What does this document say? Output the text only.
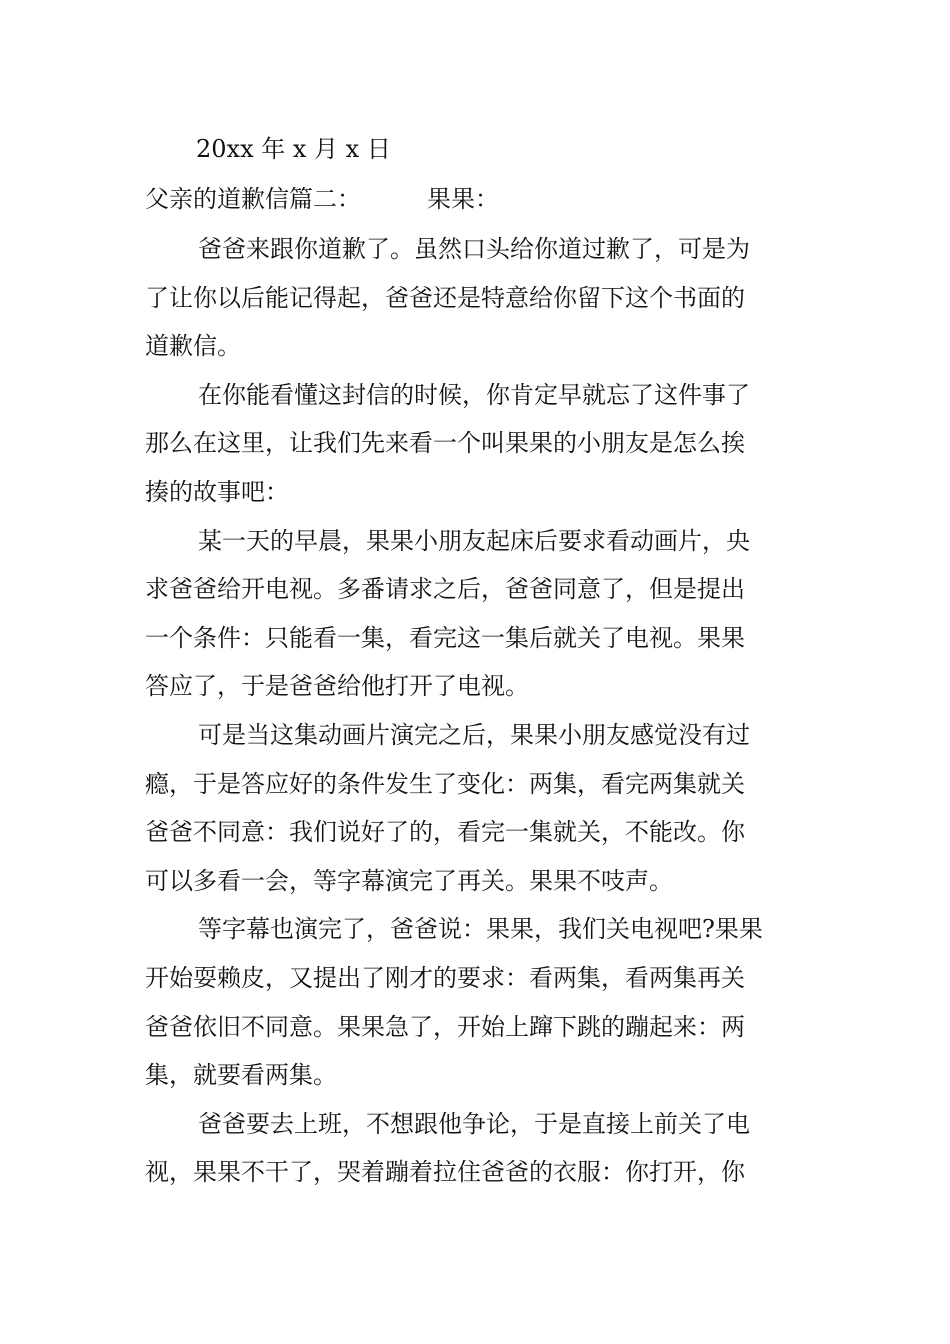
20xx 年 x 月 x 日
父亲的道歉信篇二：	果果：
爸爸来跟你道歉了。虽然口头给你道过歉了，可是为
了让你以后能记得起，爸爸还是特意给你留下这个书面的
道歉信。
在你能看懂这封信的时候，你肯定早就忘了这件事了
那么在这里，让我们先来看一个叫果果的小朋友是怎么挨
揍的故事吧：
某一天的早晨，果果小朋友起床后要求看动画片，央
求爸爸给开电视。多番请求之后，爸爸同意了，但是提出
一个条件：只能看一集，看完这一集后就关了电视。果果
答应了，于是爸爸给他打开了电视。
可是当这集动画片演完之后，果果小朋友感觉没有过
瘾，于是答应好的条件发生了变化：两集，看完两集就关
爸爸不同意：我们说好了的，看完一集就关，不能改。你
可以多看一会，等字幕演完了再关。果果不吱声。
等字幕也演完了，爸爸说：果果，我们关电视吧?果果
开始耍赖皮，又提出了刚才的要求：看两集，看两集再关
爸爸依旧不同意。果果急了，开始上蹿下跳的蹦起来：两
集，就要看两集。
爸爸要去上班，不想跟他争论，于是直接上前关了电
视，果果不干了，哭着蹦着拉住爸爸的衣服：你打开，你
